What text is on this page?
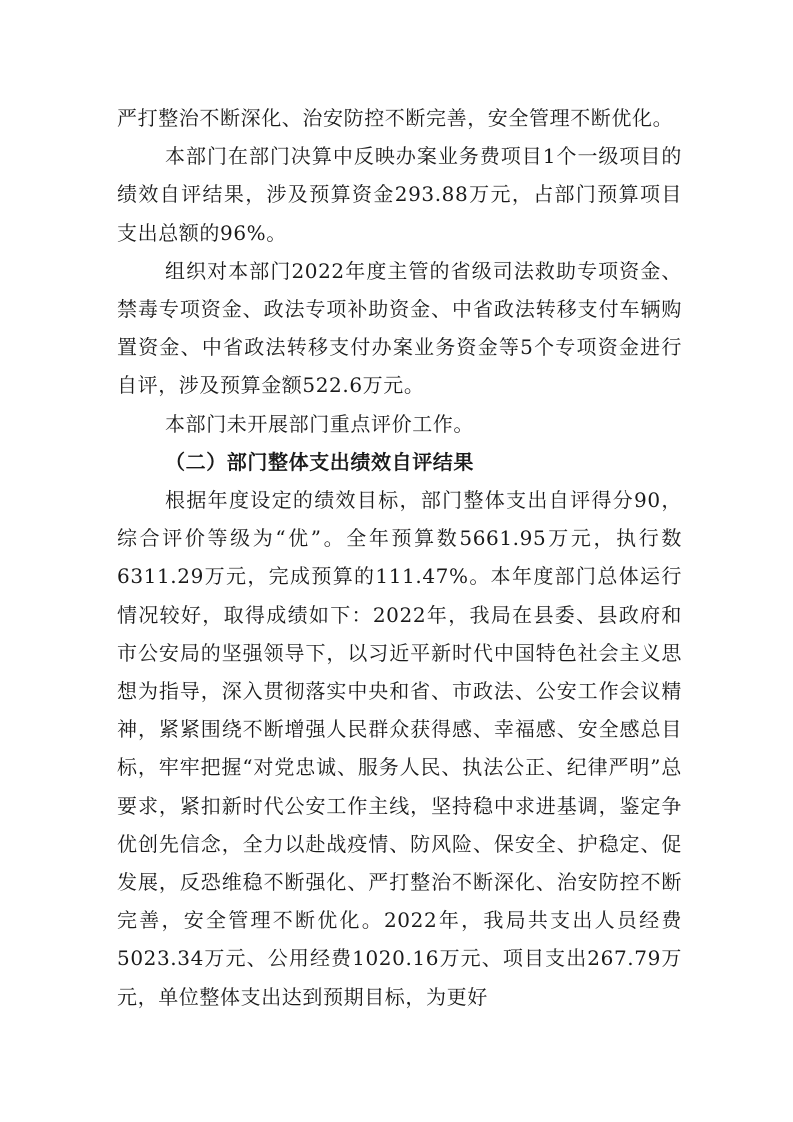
严打整治不断深化、治安防控不断完善，安全管理不断优化。

本部门在部门决算中反映办案业务费项目1个一级项目的绩效自评结果，涉及预算资金293.88万元，占部门预算项目支出总额的96%。

组织对本部门2022年度主管的省级司法救助专项资金、禁毒专项资金、政法专项补助资金、中省政法转移支付车辆购置资金、中省政法转移支付办案业务资金等5个专项资金进行自评，涉及预算金额522.6万元。

本部门未开展部门重点评价工作。

（二）部门整体支出绩效自评结果

根据年度设定的绩效目标，部门整体支出自评得分90，综合评价等级为“优”。全年预算数5661.95万元，执行数6311.29万元，完成预算的111.47%。本年度部门总体运行情况较好，取得成绩如下：2022年，我局在县委、县政府和市公安局的坚强领导下，以习近平新时代中国特色社会主义思想为指导，深入贯彻落实中央和省、市政法、公安工作会议精神，紧紧围绕不断增强人民群众获得感、幸福感、安全感总目标，牢牢把握“对党忠诚、服务人民、执法公正、纪律严明”总要求，紧扣新时代公安工作主线，坚持稳中求进基调，鉴定争优创先信念，全力以赴战疫情、防风险、保安全、护稳定、促发展，反恐维稳不断强化、严打整治不断深化、治安防控不断完善，安全管理不断优化。2022年，我局共支出人员经费5023.34万元、公用经费1020.16万元、项目支出267.79万元，单位整体支出达到预期目标，为更好
